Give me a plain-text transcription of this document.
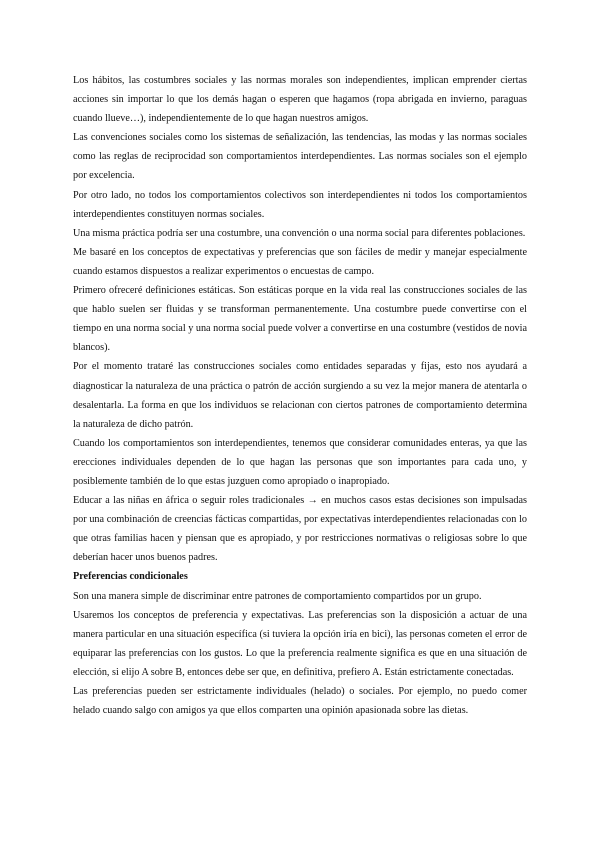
Los hábitos, las costumbres sociales y las normas morales son independientes, implican emprender ciertas acciones sin importar lo que los demás hagan o esperen que hagamos (ropa abrigada en invierno, paraguas cuando llueve…), independientemente de lo que hagan nuestros amigos.

Las convenciones sociales como los sistemas de señalización, las tendencias, las modas y las normas sociales como las reglas de reciprocidad son comportamientos interdependientes. Las normas sociales son el ejemplo por excelencia.

Por otro lado, no todos los comportamientos colectivos son interdependientes ni todos los comportamientos interdependientes constituyen normas sociales.

Una misma práctica podría ser una costumbre, una convención o una norma social para diferentes poblaciones.

Me basaré en los conceptos de expectativas y preferencias que son fáciles de medir y manejar especialmente cuando estamos dispuestos a realizar experimentos o encuestas de campo.

Primero ofreceré definiciones estáticas. Son estáticas porque en la vida real las construcciones sociales de las que hablo suelen ser fluidas y se transforman permanentemente. Una costumbre puede convertirse con el tiempo en una norma social y una norma social puede volver a convertirse en una costumbre (vestidos de novia blancos).

Por el momento trataré las construcciones sociales como entidades separadas y fijas, esto nos ayudará a diagnosticar la naturaleza de una práctica o patrón de acción surgiendo a su vez la mejor manera de atentarla o desalentarla. La forma en que los individuos se relacionan con ciertos patrones de comportamiento determina la naturaleza de dicho patrón.

Cuando los comportamientos son interdependientes, tenemos que considerar comunidades enteras, ya que las erecciones individuales dependen de lo que hagan las personas que son importantes para cada uno, y posiblemente también de lo que estas juzguen como apropiado o inapropiado.

Educar a las niñas en áfrica o seguir roles tradicionales → en muchos casos estas decisiones son impulsadas por una combinación de creencias fácticas compartidas, por expectativas interdependientes relacionadas con lo que otras familias hacen y piensan que es apropiado, y por restricciones normativas o religiosas sobre lo que deberían hacer unos buenos padres.

Preferencias condicionales

Son una manera simple de discriminar entre patrones de comportamiento compartidos por un grupo.

Usaremos los conceptos de preferencia y expectativas. Las preferencias son la disposición a actuar de una manera particular en una situación específica (si tuviera la opción iría en bici), las personas cometen el error de equiparar las preferencias con los gustos. Lo que la preferencia realmente significa es que en una situación de elección, si elijo A sobre B, entonces debe ser que, en definitiva, prefiero A. Están estrictamente conectadas.

Las preferencias pueden ser estrictamente individuales (helado) o sociales. Por ejemplo, no puedo comer helado cuando salgo con amigos ya que ellos comparten una opinión apasionada sobre las dietas.
